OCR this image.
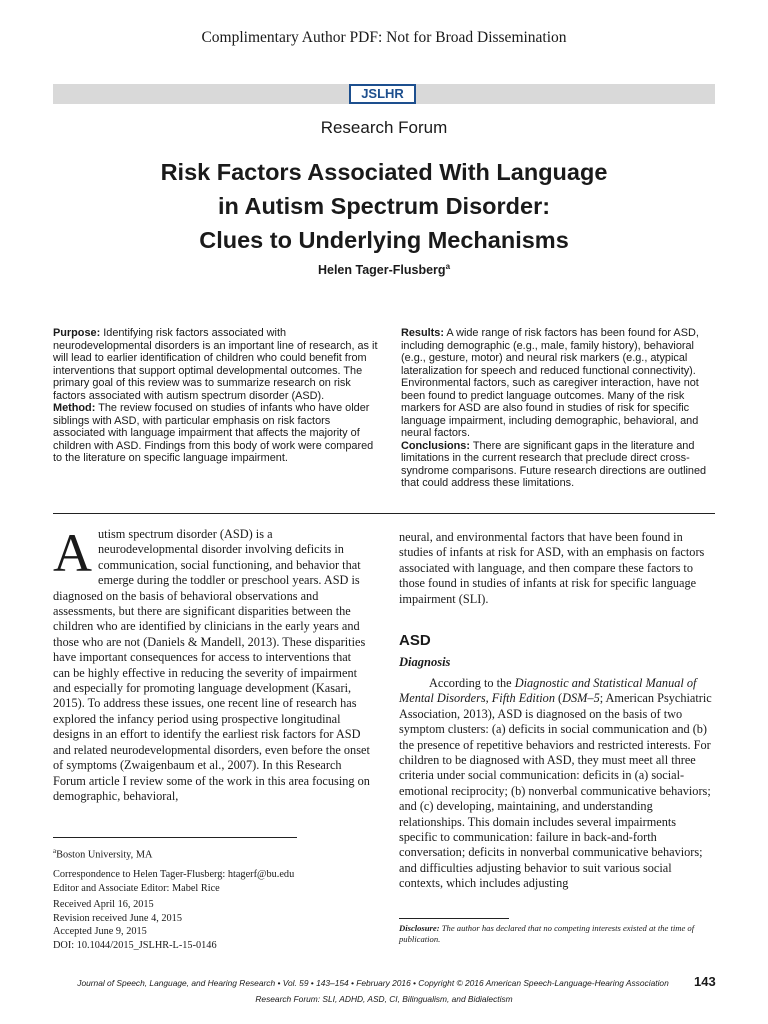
Complimentary Author PDF: Not for Broad Dissemination
JSLHR
Research Forum
Risk Factors Associated With Language
in Autism Spectrum Disorder:
Clues to Underlying Mechanisms
Helen Tager-Flusberg$^a$
Purpose: Identifying risk factors associated with neurodevelopmental disorders is an important line of research, as it will lead to earlier identification of children who could benefit from interventions that support optimal developmental outcomes. The primary goal of this review was to summarize research on risk factors associated with autism spectrum disorder (ASD).
Method: The review focused on studies of infants who have older siblings with ASD, with particular emphasis on risk factors associated with language impairment that affects the majority of children with ASD. Findings from this body of work were compared to the literature on specific language impairment.
Results: A wide range of risk factors has been found for ASD, including demographic (e.g., male, family history), behavioral (e.g., gesture, motor) and neural risk markers (e.g., atypical lateralization for speech and reduced functional connectivity). Environmental factors, such as caregiver interaction, have not been found to predict language outcomes. Many of the risk markers for ASD are also found in studies of risk for specific language impairment, including demographic, behavioral, and neural factors.
Conclusions: There are significant gaps in the literature and limitations in the current research that preclude direct cross-syndrome comparisons. Future research directions are outlined that could address these limitations.

Autism spectrum disorder (ASD) is a neurodevelopmental disorder involving deficits in communication, social functioning, and behavior that emerge during the toddler or preschool years. ASD is diagnosed on the basis of behavioral observations and assessments, but there are significant disparities between the children who are identified by clinicians in the early years and those who are not (Daniels & Mandell, 2013). These disparities have important consequences for access to interventions that can be highly effective in reducing the severity of impairment and especially for promoting language development (Kasari, 2015). To address these issues, one recent line of research has explored the infancy period using prospective longitudinal designs in an effort to identify the earliest risk factors for ASD and related neurodevelopmental disorders, even before the onset of symptoms (Zwaigenbaum et al., 2007). In this Research Forum article I review some of the work in this area focusing on demographic, behavioral,

neural, and environmental factors that have been found in studies of infants at risk for ASD, with an emphasis on factors associated with language, and then compare these factors to those found in studies of infants at risk for specific language impairment (SLI).

ASD
Diagnosis

According to the Diagnostic and Statistical Manual of Mental Disorders, Fifth Edition (DSM–5; American Psychiatric Association, 2013), ASD is diagnosed on the basis of two symptom clusters: (a) deficits in social communication and (b) the presence of repetitive behaviors and restricted interests. For children to be diagnosed with ASD, they must meet all three criteria under social communication: deficits in (a) social-emotional reciprocity; (b) nonverbal communicative behaviors; and (c) developing, maintaining, and understanding relationships. This domain includes several impairments specific to communication: failure in back-and-forth conversation; deficits in nonverbal communicative behaviors; and difficulties adjusting behavior to suit various social contexts, which includes adjusting

$^a$Boston University, MA
Correspondence to Helen Tager-Flusberg: htagerf@bu.edu
Editor and Associate Editor: Mabel Rice
Received April 16, 2015
Revision received June 4, 2015
Accepted June 9, 2015
DOI: 10.1044/2015_JSLHR-L-15-0146
Disclosure: The author has declared that no competing interests existed at the time of publication.
Journal of Speech, Language, and Hearing Research • Vol. 59 • 143–154 • February 2016 • Copyright © 2016 American Speech-Language-Hearing Association	143
Research Forum: SLI, ADHD, ASD, CI, Bilingualism, and Bidialectism
